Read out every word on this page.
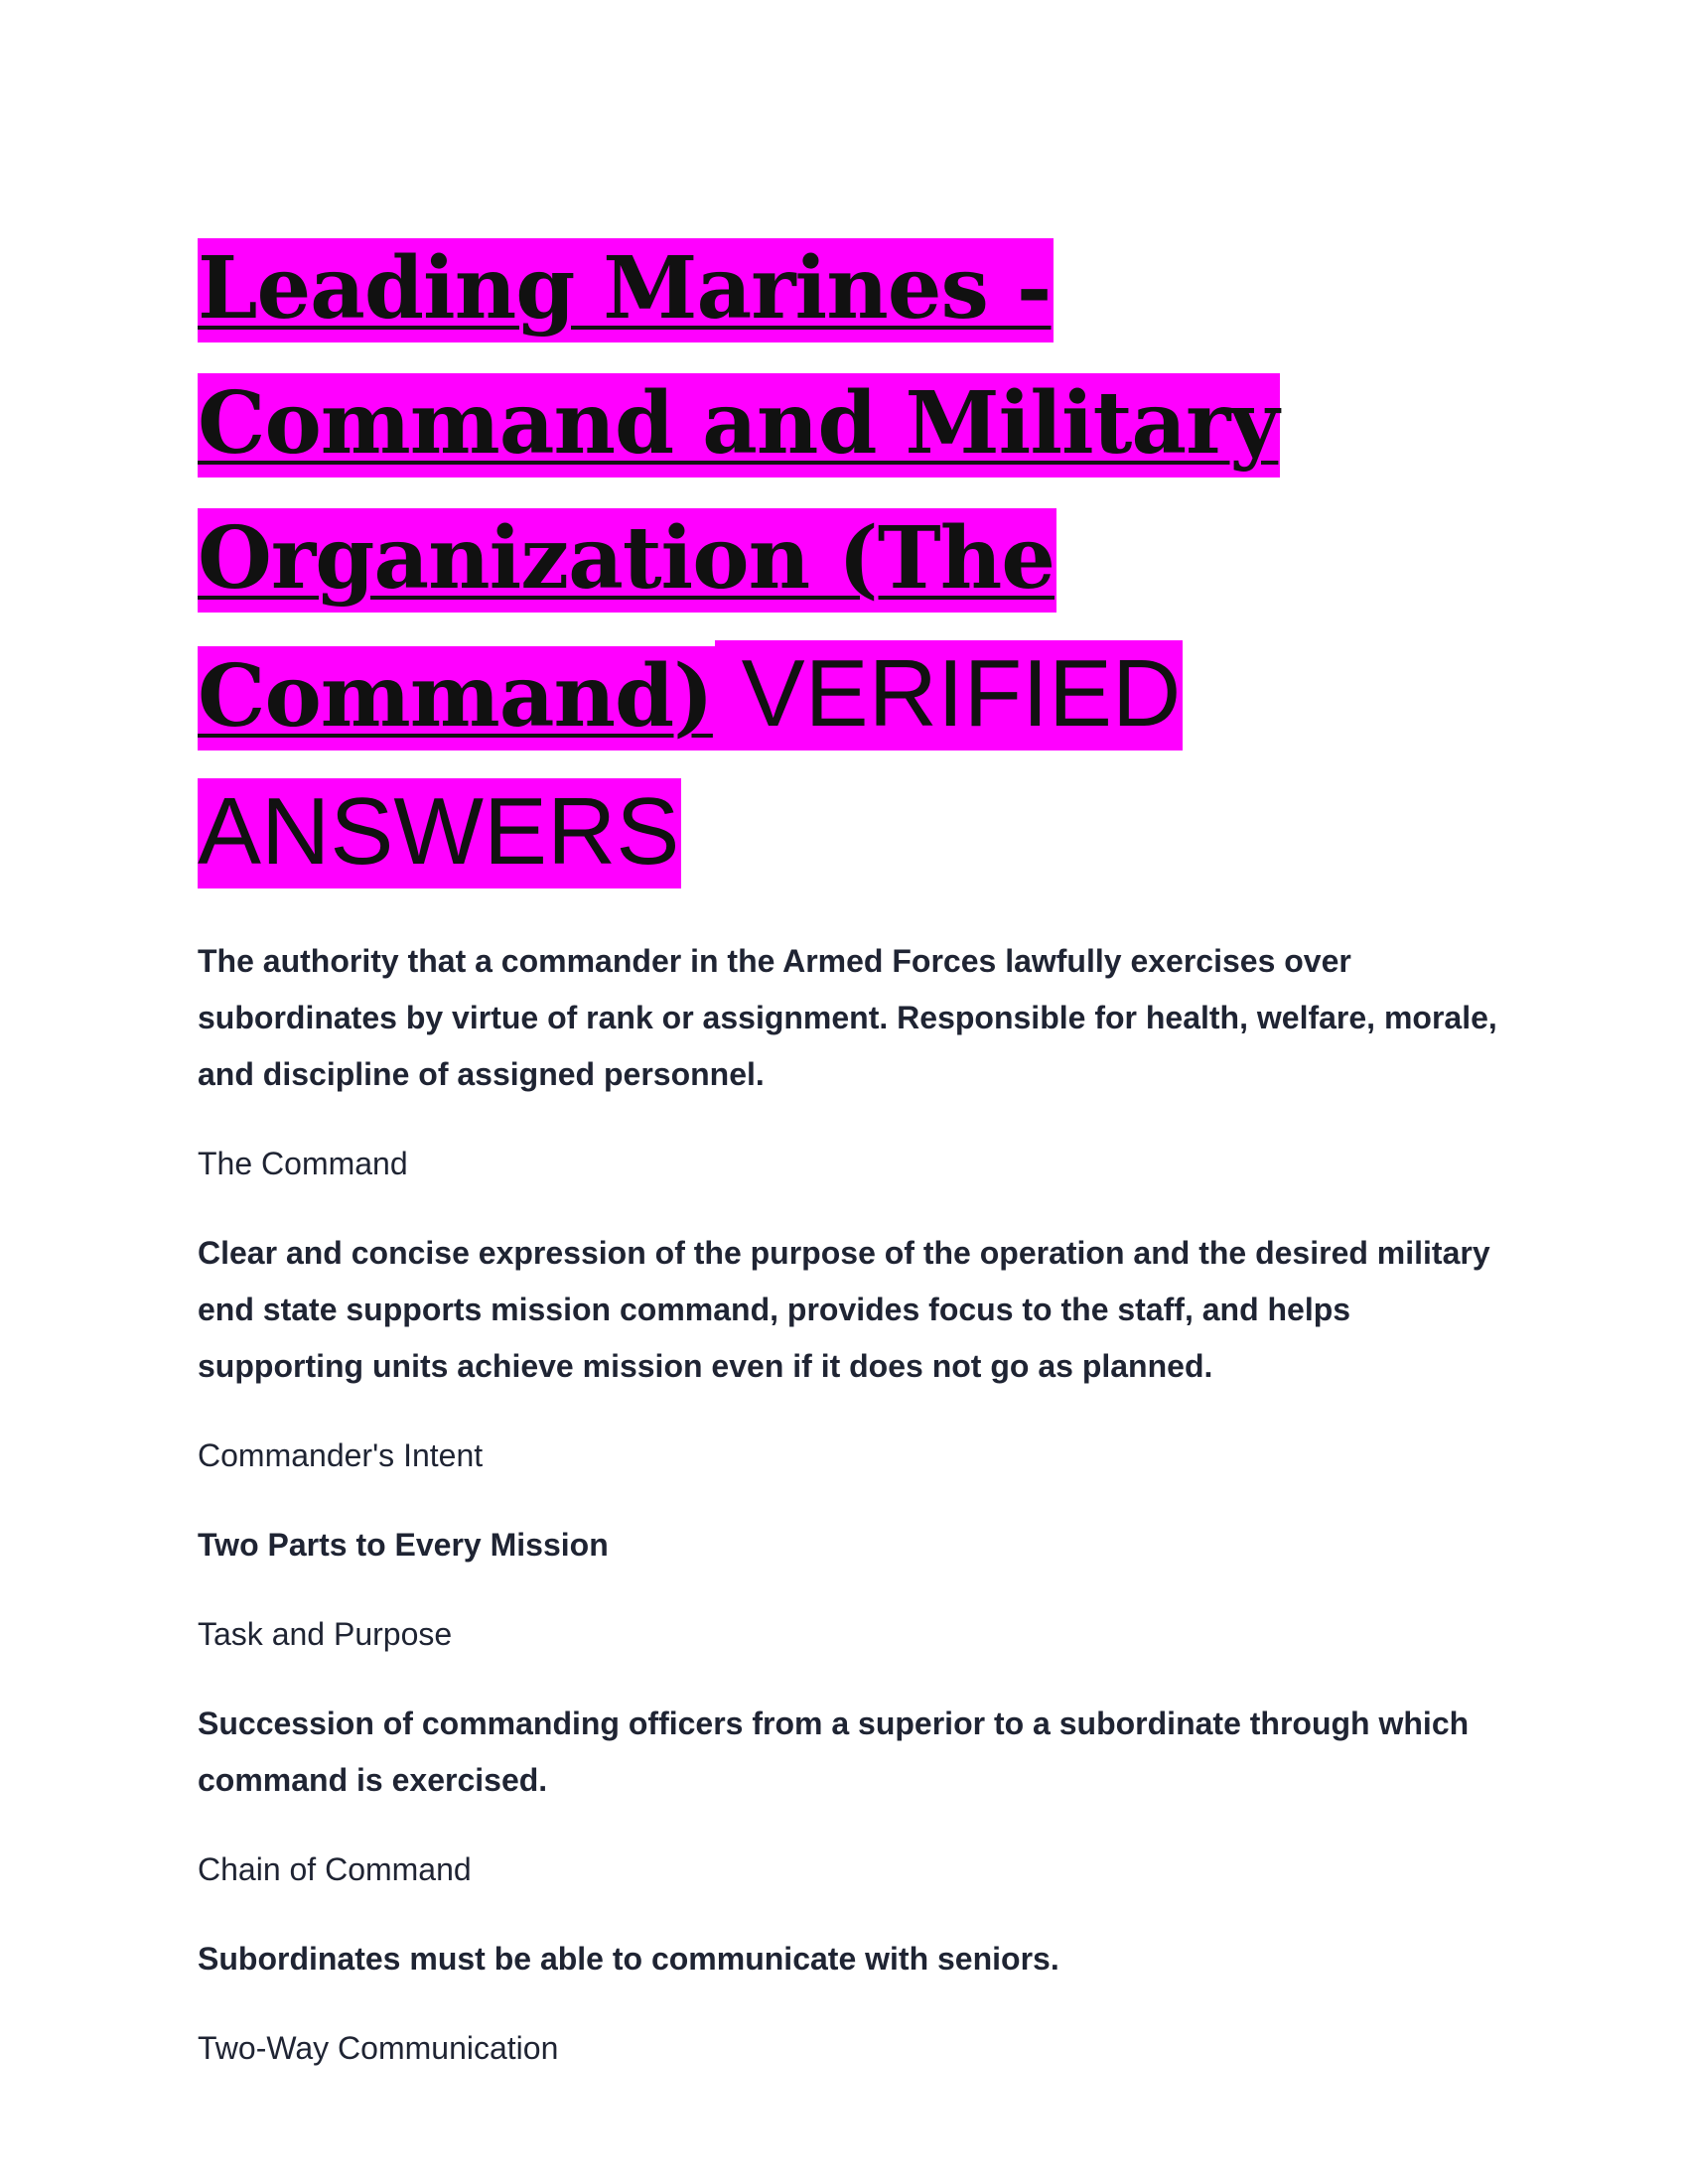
Leading Marines - Command and Military Organization (The Command) VERIFIED ANSWERS

The authority that a commander in the Armed Forces lawfully exercises over subordinates by virtue of rank or assignment. Responsible for health, welfare, morale, and discipline of assigned personnel.

The Command

Clear and concise expression of the purpose of the operation and the desired military end state supports mission command, provides focus to the staff, and helps supporting units achieve mission even if it does not go as planned.

Commander's Intent

Two Parts to Every Mission

Task and Purpose

Succession of commanding officers from a superior to a subordinate through which command is exercised.

Chain of Command

Subordinates must be able to communicate with seniors.

Two-Way Communication
